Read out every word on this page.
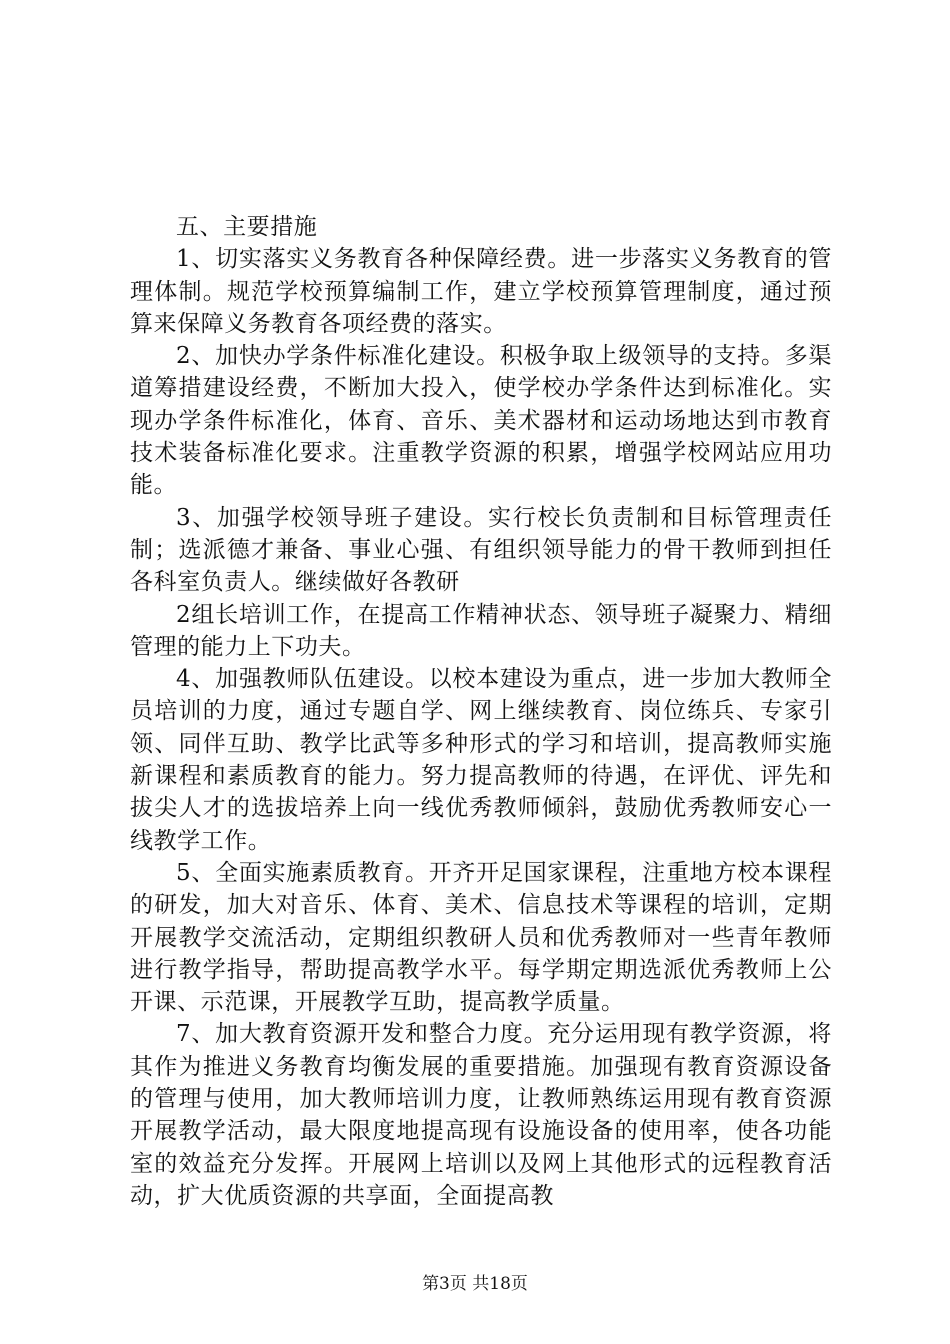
五、主要措施

1、切实落实义务教育各种保障经费。进一步落实义务教育的管理体制。规范学校预算编制工作，建立学校预算管理制度，通过预算来保障义务教育各项经费的落实。

2、加快办学条件标准化建设。积极争取上级领导的支持。多渠道筹措建设经费，不断加大投入，使学校办学条件达到标准化。实现办学条件标准化，体育、音乐、美术器材和运动场地达到市教育技术装备标准化要求。注重教学资源的积累，增强学校网站应用功能。

3、加强学校领导班子建设。实行校长负责制和目标管理责任制；选派德才兼备、事业心强、有组织领导能力的骨干教师到担任各科室负责人。继续做好各教研

2组长培训工作，在提高工作精神状态、领导班子凝聚力、精细管理的能力上下功夫。

4、加强教师队伍建设。以校本建设为重点，进一步加大教师全员培训的力度，通过专题自学、网上继续教育、岗位练兵、专家引领、同伴互助、教学比武等多种形式的学习和培训，提高教师实施新课程和素质教育的能力。努力提高教师的待遇，在评优、评先和拔尖人才的选拔培养上向一线优秀教师倾斜，鼓励优秀教师安心一线教学工作。

5、全面实施素质教育。开齐开足国家课程，注重地方校本课程的研发，加大对音乐、体育、美术、信息技术等课程的培训，定期开展教学交流活动，定期组织教研人员和优秀教师对一些青年教师进行教学指导，帮助提高教学水平。每学期定期选派优秀教师上公开课、示范课，开展教学互助，提高教学质量。

7、加大教育资源开发和整合力度。充分运用现有教学资源，将其作为推进义务教育均衡发展的重要措施。加强现有教育资源设备的管理与使用，加大教师培训力度，让教师熟练运用现有教育资源开展教学活动，最大限度地提高现有设施设备的使用率，使各功能室的效益充分发挥。开展网上培训以及网上其他形式的远程教育活动，扩大优质资源的共享面，全面提高教

第3页 共18页
